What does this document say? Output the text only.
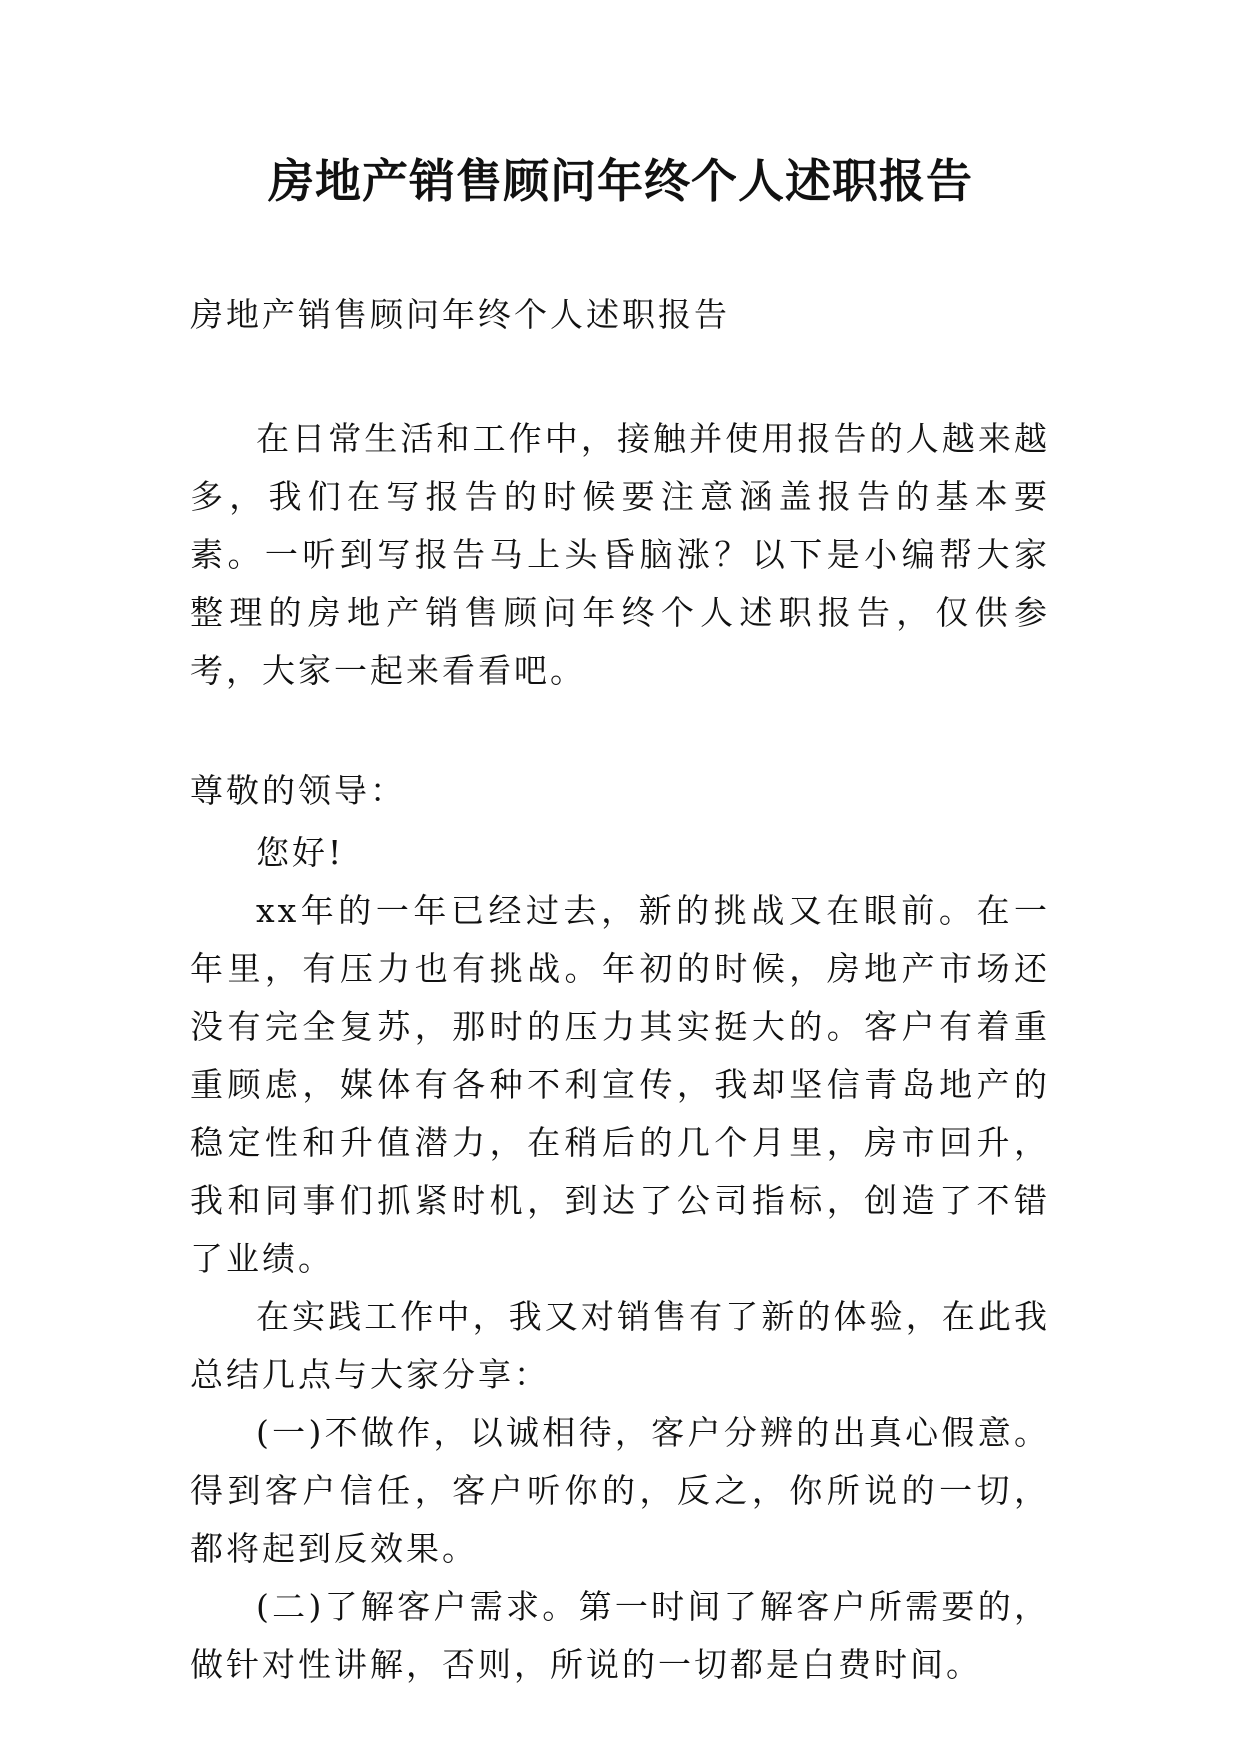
房地产销售顾问年终个人述职报告

房地产销售顾问年终个人述职报告

在日常生活和工作中，接触并使用报告的人越来越多，我们在写报告的时候要注意涵盖报告的基本要素。一听到写报告马上头昏脑涨？以下是小编帮大家整理的房地产销售顾问年终个人述职报告，仅供参考，大家一起来看看吧。

尊敬的领导：

您好!

xx年的一年已经过去，新的挑战又在眼前。在一年里，有压力也有挑战。年初的时候，房地产市场还没有完全复苏，那时的压力其实挺大的。客户有着重重顾虑，媒体有各种不利宣传，我却坚信青岛地产的稳定性和升值潜力，在稍后的几个月里，房市回升，我和同事们抓紧时机，到达了公司指标，创造了不错了业绩。

在实践工作中，我又对销售有了新的体验，在此我总结几点与大家分享：

(一)不做作，以诚相待，客户分辨的出真心假意。得到客户信任，客户听你的，反之，你所说的一切，都将起到反效果。

(二)了解客户需求。第一时间了解客户所需要的，做针对性讲解，否则，所说的一切都是白费时间。
